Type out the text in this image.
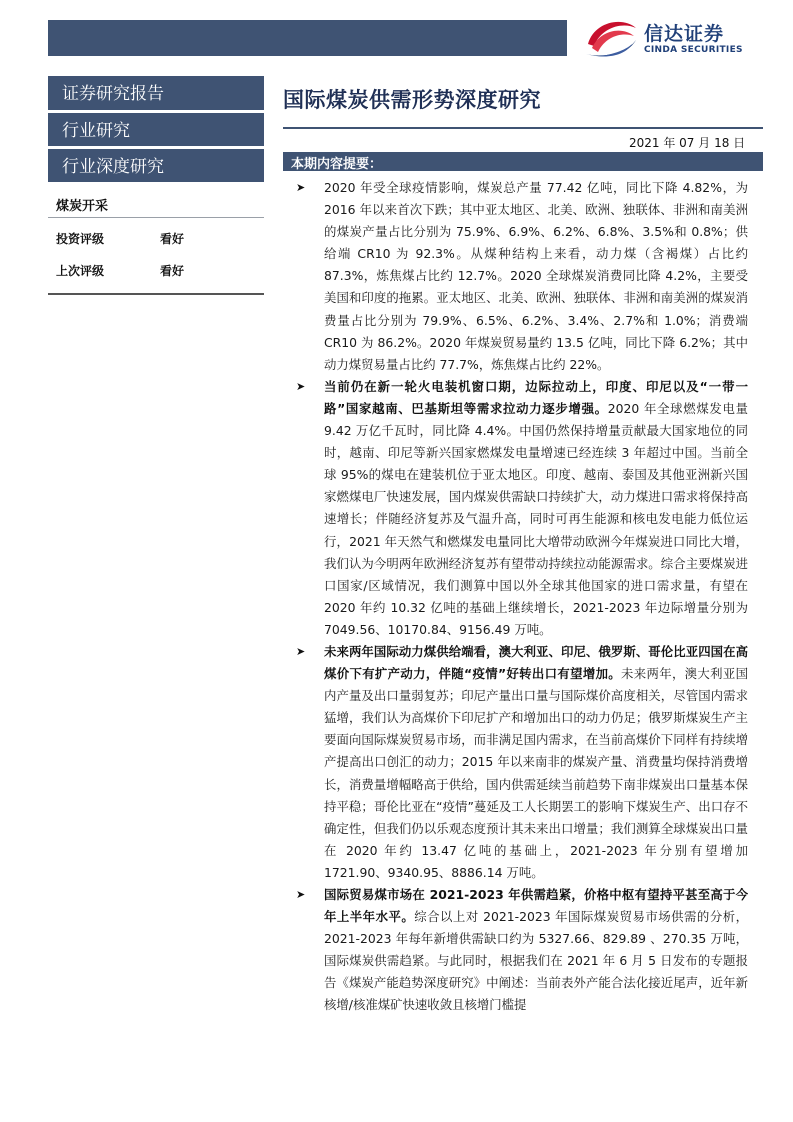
信达证券
CINDA SECURITIES
证券研究报告
行业研究
行业深度研究
煤炭开采
投资评级	看好
上次评级	看好
国际煤炭供需形势深度研究
2021 年 07 月 18 日
本期内容提要：
➤ 2020 年受全球疫情影响，煤炭总产量 77.42 亿吨，同比下降 4.82%，为 2016 年以来首次下跌；其中亚太地区、北美、欧洲、独联体、非洲和南美洲的煤炭产量占比分别为 75.9%、6.9%、6.2%、6.8%、3.5%和 0.8%；供给端 CR10 为 92.3%。从煤种结构上来看，动力煤（含褐煤）占比约 87.3%，炼焦煤占比约 12.7%。2020 全球煤炭消费同比降 4.2%，主要受美国和印度的拖累。亚太地区、北美、欧洲、独联体、非洲和南美洲的煤炭消费量占比分别为 79.9%、6.5%、6.2%、3.4%、2.7%和 1.0%；消费端 CR10 为 86.2%。2020 年煤炭贸易量约 13.5 亿吨，同比下降 6.2%；其中动力煤贸易量占比约 77.7%，炼焦煤占比约 22%。
➤ 当前仍在新一轮火电装机窗口期，边际拉动上，印度、印尼以及“一带一路”国家越南、巴基斯坦等需求拉动力逐步增强。2020 年全球燃煤发电量 9.42 万亿千瓦时，同比降 4.4%。中国仍然保持增量贡献最大国家地位的同时，越南、印尼等新兴国家燃煤发电量增速已经连续 3 年超过中国。当前全球 95%的煤电在建装机位于亚太地区。印度、越南、泰国及其他亚洲新兴国家燃煤电厂快速发展，国内煤炭供需缺口持续扩大，动力煤进口需求将保持高速增长；伴随经济复苏及气温升高，同时可再生能源和核电发电能力低位运行，2021 年天然气和燃煤发电量同比大增带动欧洲今年煤炭进口同比大增，我们认为今明两年欧洲经济复苏有望带动持续拉动能源需求。综合主要煤炭进口国家/区域情况，我们测算中国以外全球其他国家的进口需求量，有望在 2020 年约 10.32 亿吨的基础上继续增长，2021-2023 年边际增量分别为 7049.56、10170.84、9156.49 万吨。
➤ 未来两年国际动力煤供给端看，澳大利亚、印尼、俄罗斯、哥伦比亚四国在高煤价下有扩产动力，伴随“疫情”好转出口有望增加。未来两年，澳大利亚国内产量及出口量弱复苏；印尼产量出口量与国际煤价高度相关，尽管国内需求猛增，我们认为高煤价下印尼扩产和增加出口的动力仍足；俄罗斯煤炭生产主要面向国际煤炭贸易市场，而非满足国内需求，在当前高煤价下同样有持续增产提高出口创汇的动力；2015 年以来南非的煤炭产量、消费量均保持消费增长，消费量增幅略高于供给，国内供需延续当前趋势下南非煤炭出口量基本保持平稳；哥伦比亚在“疫情”蔓延及工人长期罢工的影响下煤炭生产、出口存不确定性，但我们仍以乐观态度预计其未来出口增量；我们测算全球煤炭出口量在 2020 年约 13.47 亿吨的基础上，2021-2023 年分别有望增加 1721.90、9340.95、8886.14 万吨。
➤ 国际贸易煤市场在 2021-2023 年供需趋紧，价格中枢有望持平甚至高于今年上半年水平。综合以上对 2021-2023 年国际煤炭贸易市场供需的分析，2021-2023 年每年新增供需缺口约为 5327.66、829.89 、270.35 万吨，国际煤炭供需趋紧。与此同时，根据我们在 2021 年 6 月 5 日发布的专题报告《煤炭产能趋势深度研究》中阐述：当前表外产能合法化接近尾声，近年新核增/核准煤矿快速收敛且核增门槛提
